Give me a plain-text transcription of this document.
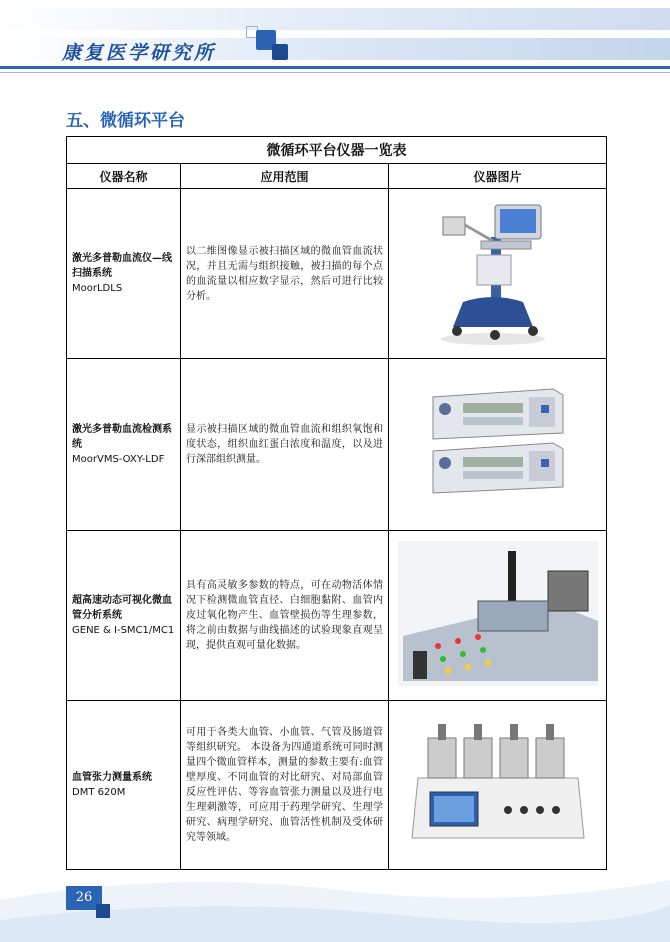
康复医学研究所
五、微循环平台
微循环平台仪器一览表		
仪器名称	应用范围	仪器图片
激光多普勒血流仪—线扫描系统
MoorLDLS	以二维图像显示被扫描区域的微血管血流状况，并且无需与组织接触，被扫描的每个点的血流量以相应数字显示，然后可进行比较分析。	
激光多普勒血流检测系统
MoorVMS-OXY-LDF	显示被扫描区域的微血管血流和组织氧饱和度状态，组织血红蛋白浓度和温度，以及进行深部组织测量。	
超高速动态可视化微血管分析系统
GENE & I-SMC1/MC1	具有高灵敏多参数的特点，可在动物活体情况下检测微血管直径、白细胞黏附、血管内皮过氧化物产生、血管壁损伤等生理参数，将之前由数据与曲线描述的试验现象直观呈现，提供直观可量化数据。	
血管张力测量系统
DMT 620M	可用于各类大血管、小血管、气管及肠道管等组织研究。 本设备为四通道系统可同时测量四个微血管样本，测量的参数主要有:血管壁厚度、不同血管的对比研究、对局部血管反应性评估、等容血管张力测量以及进行电生理刺激等，可应用于药理学研究、生理学研究、病理学研究、血管活性机制及受体研究等领域。	
26
